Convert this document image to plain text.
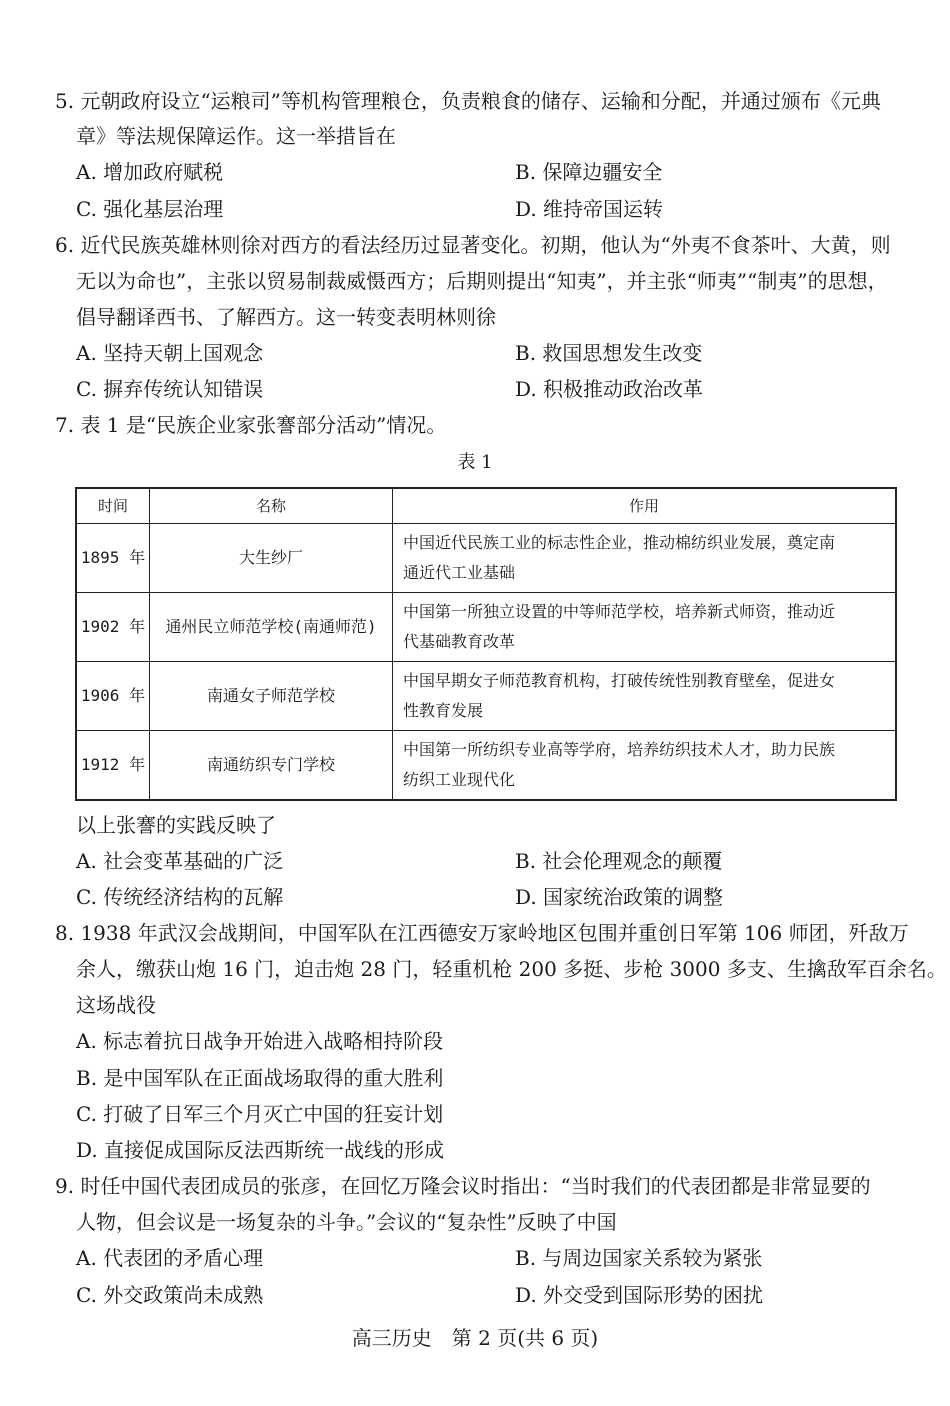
5. 元朝政府设立“运粮司”等机构管理粮仓，负责粮食的储存、运输和分配，并通过颁布《元典
章》等法规保障运作。这一举措旨在
A. 增加政府赋税	B. 保障边疆安全
C. 强化基层治理	D. 维持帝国运转
6. 近代民族英雄林则徐对西方的看法经历过显著变化。初期，他认为“外夷不食茶叶、大黄，则
无以为命也”，主张以贸易制裁威慑西方；后期则提出“知夷”，并主张“师夷”“制夷”的思想，
倡导翻译西书、了解西方。这一转变表明林则徐
A. 坚持天朝上国观念	B. 救国思想发生改变
C. 摒弃传统认知错误	D. 积极推动政治改革
7. 表 1 是“民族企业家张謇部分活动”情况。
表 1
时间	名称	作用
1895 年	大生纱厂	中国近代民族工业的标志性企业，推动棉纺织业发展，奠定南
通近代工业基础

1902 年	通州民立师范学校(南通师范)	中国第一所独立设置的中等师范学校，培养新式师资，推动近
代基础教育改革

1906 年	南通女子师范学校	中国早期女子师范教育机构，打破传统性别教育壁垒，促进女
性教育发展

1912 年	南通纺织专门学校	中国第一所纺织专业高等学府，培养纺织技术人才，助力民族
纺织工业现代化
以上张謇的实践反映了
A. 社会变革基础的广泛	B. 社会伦理观念的颠覆
C. 传统经济结构的瓦解	D. 国家统治政策的调整
8. 1938 年武汉会战期间，中国军队在江西德安万家岭地区包围并重创日军第 106 师团，歼敌万
余人，缴获山炮 16 门，迫击炮 28 门，轻重机枪 200 多挺、步枪 3000 多支、生擒敌军百余名。
这场战役
A. 标志着抗日战争开始进入战略相持阶段
B. 是中国军队在正面战场取得的重大胜利
C. 打破了日军三个月灭亡中国的狂妄计划
D. 直接促成国际反法西斯统一战线的形成
9. 时任中国代表团成员的张彦，在回忆万隆会议时指出：“当时我们的代表团都是非常显要的
人物，但会议是一场复杂的斗争。”会议的“复杂性”反映了中国
A. 代表团的矛盾心理	B. 与周边国家关系较为紧张
C. 外交政策尚未成熟	D. 外交受到国际形势的困扰
高三历史　第 2 页(共 6 页)
